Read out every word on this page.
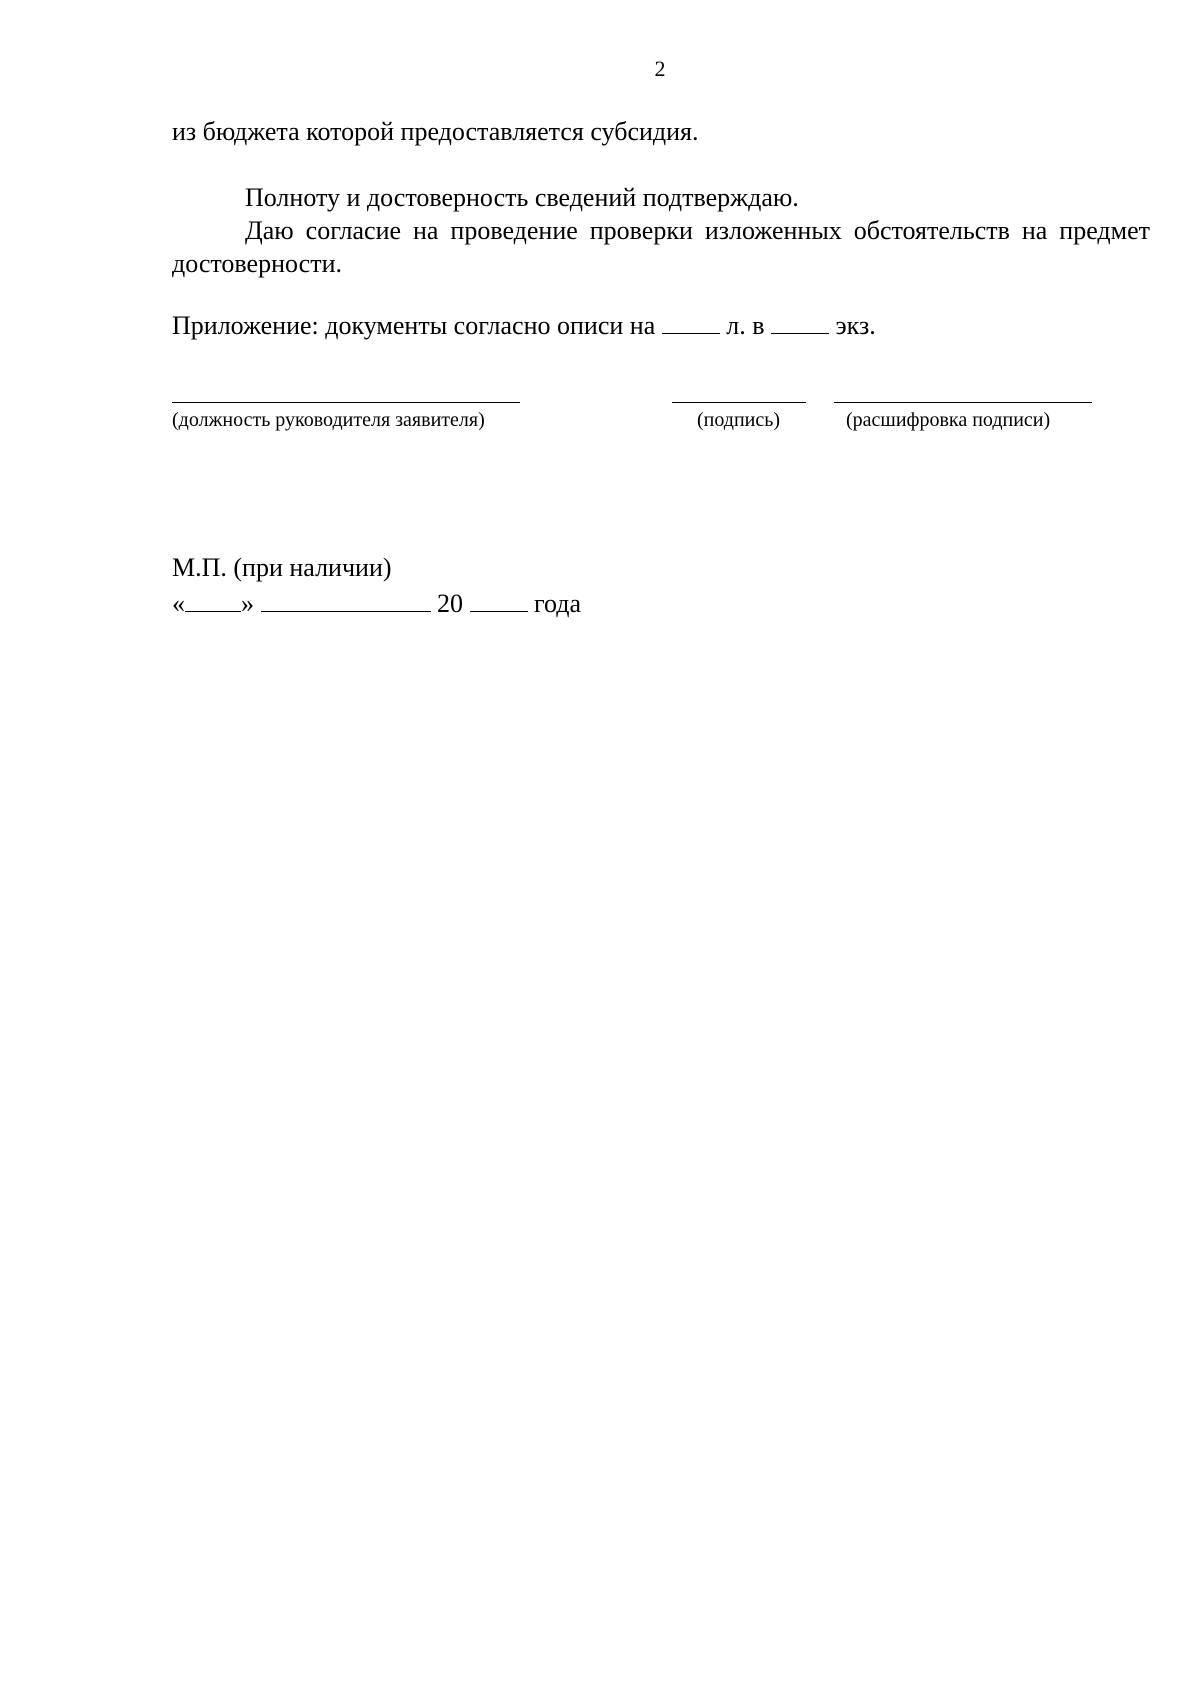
2
из бюджета которой предоставляется субсидия.
Полноту и достоверность сведений подтверждаю.
Даю согласие на проведение проверки изложенных обстоятельств на предмет достоверности.
Приложение: документы согласно описи на	л. в	экз.
(должность руководителя заявителя)	(подпись)	(расшифровка подписи)
М.П. (при наличии)
« »	20	года
